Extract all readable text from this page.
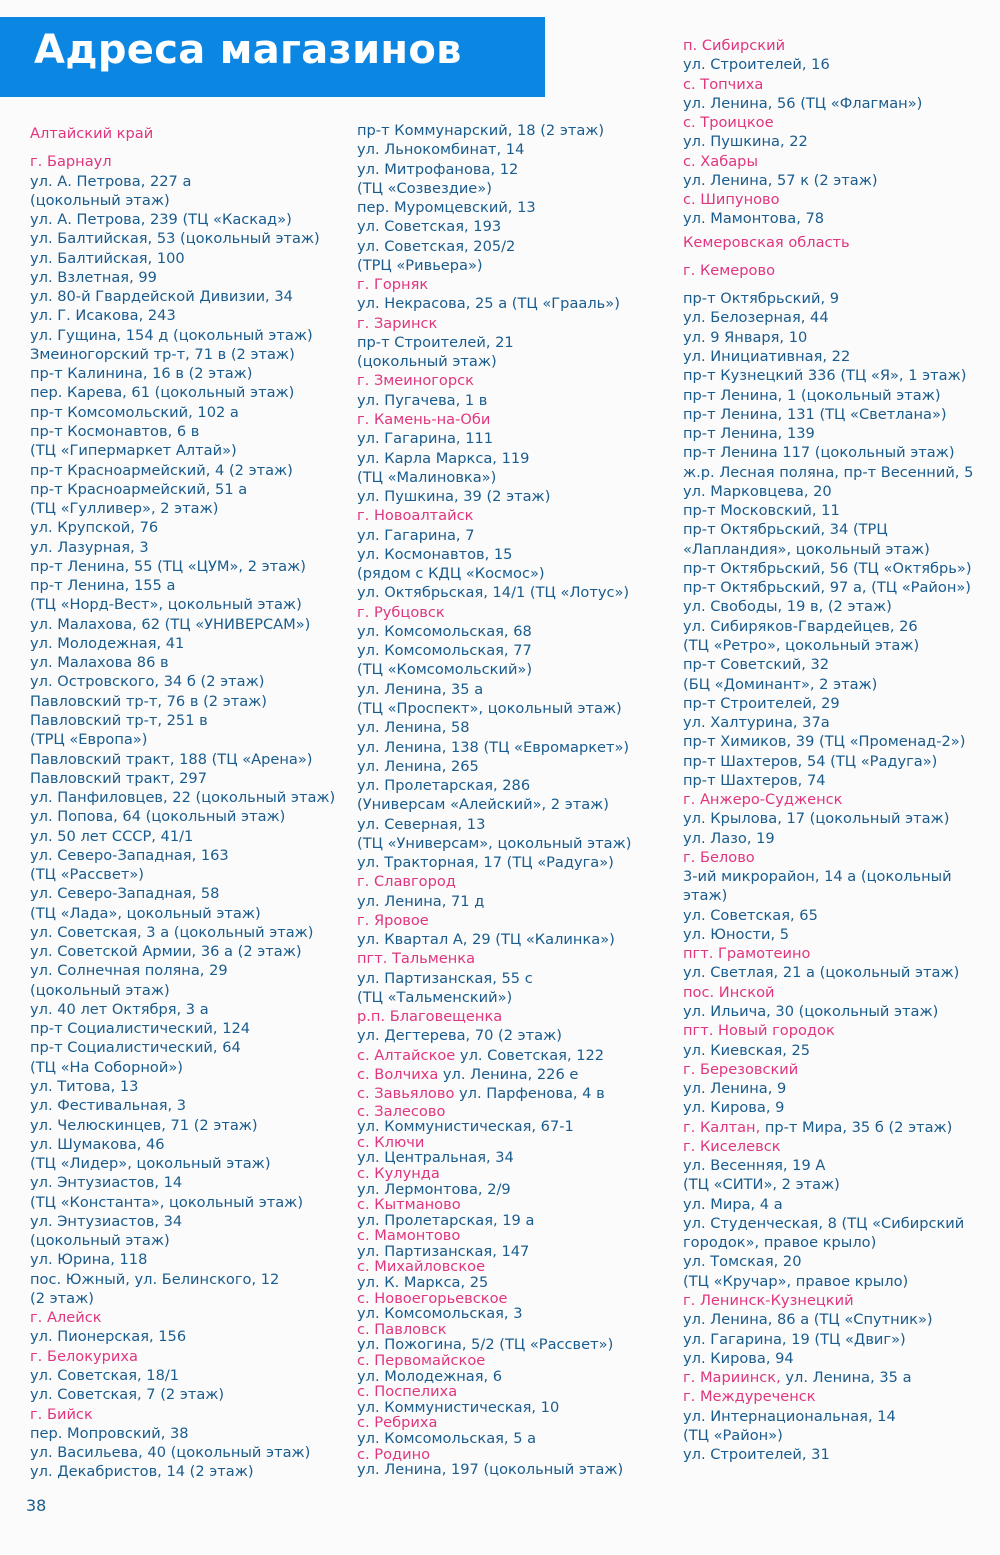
Адреса магазинов
Алтайский край
г. Барнаул
ул. А. Петрова, 227 а
(цокольный этаж)
ул. А. Петрова, 239 (ТЦ «Каскад»)
ул. Балтийская, 53 (цокольный этаж)
ул. Балтийская, 100
ул. Взлетная, 99
ул. 80-й Гвардейской Дивизии, 34
ул. Г. Исакова, 243
ул. Гущина, 154 д (цокольный этаж)
Змеиногорский тр-т, 71 в (2 этаж)
пр-т Калинина, 16 в (2 этаж)
пер. Карева, 61 (цокольный этаж)
пр-т Комсомольский, 102 а
пр-т Космонавтов, 6 в
(ТЦ «Гипермаркет Алтай»)
пр-т Красноармейский, 4 (2 этаж)
пр-т Красноармейский, 51 а
(ТЦ «Гулливер», 2 этаж)
ул. Крупской, 76
ул. Лазурная, 3
пр-т Ленина, 55 (ТЦ «ЦУМ», 2 этаж)
пр-т Ленина, 155 а
(ТЦ «Норд-Вест», цокольный этаж)
ул. Малахова, 62 (ТЦ «УНИВЕРСАМ»)
ул. Молодежная, 41
ул. Малахова 86 в
ул. Островского, 34 б (2 этаж)
Павловский тр-т, 76 в (2 этаж)
Павловский тр-т, 251 в
(ТРЦ «Европа»)
Павловский тракт, 188 (ТЦ «Арена»)
Павловский тракт, 297
ул. Панфиловцев, 22 (цокольный этаж)
ул. Попова, 64 (цокольный этаж)
ул. 50 лет СССР, 41/1
ул. Северо-Западная, 163
(ТЦ «Рассвет»)
ул. Северо-Западная, 58
(ТЦ «Лада», цокольный этаж)
ул. Советская, 3 а (цокольный этаж)
ул. Советской Армии, 36 а (2 этаж)
ул. Солнечная поляна, 29
(цокольный этаж)
ул. 40 лет Октября, 3 а
пр-т Социалистический, 124
пр-т Социалистический, 64
(ТЦ «На Соборной»)
ул. Титова, 13
ул. Фестивальная, 3
ул. Челюскинцев, 71 (2 этаж)
ул. Шумакова, 46
(ТЦ «Лидер», цокольный этаж)
ул. Энтузиастов, 14
(ТЦ «Константа», цокольный этаж)
ул. Энтузиастов, 34
(цокольный этаж)
ул. Юрина, 118
пос. Южный, ул. Белинского, 12
(2 этаж)
г. Алейск
ул. Пионерская, 156
г. Белокуриха
ул. Советская, 18/1
ул. Советская, 7 (2 этаж)
г. Бийск
пер. Мопровский, 38
ул. Васильева, 40 (цокольный этаж)
ул. Декабристов, 14 (2 этаж)
пр-т Коммунарский, 18 (2 этаж)
ул. Льнокомбинат, 14
ул. Митрофанова, 12
(ТЦ «Созвездие»)
пер. Муромцевский, 13
ул. Советская, 193
ул. Советская, 205/2
(ТРЦ «Ривьера»)
г. Горняк
ул. Некрасова, 25 а (ТЦ «Грааль»)
г. Заринск
пр-т Строителей, 21
(цокольный этаж)
г. Змеиногорск
ул. Пугачева, 1 в
г. Камень-на-Оби
ул. Гагарина, 111
ул. Карла Маркса, 119
(ТЦ «Малиновка»)
ул. Пушкина, 39 (2 этаж)
г. Новоалтайск
ул. Гагарина, 7
ул. Космонавтов, 15
(рядом с КДЦ «Космос»)
ул. Октябрьская, 14/1 (ТЦ «Лотус»)
г. Рубцовск
ул. Комсомольская, 68
ул. Комсомольская, 77
(ТЦ «Комсомольский»)
ул. Ленина, 35 а
(ТЦ «Проспект», цокольный этаж)
ул. Ленина, 58
ул. Ленина, 138 (ТЦ «Евромаркет»)
ул. Ленина, 265
ул. Пролетарская, 286
(Универсам «Алейский», 2 этаж)
ул. Северная, 13
(ТЦ «Универсам», цокольный этаж)
ул. Тракторная, 17 (ТЦ «Радуга»)
г. Славгород
ул. Ленина, 71 д
г. Яровое
ул. Квартал А, 29 (ТЦ «Калинка»)
пгт. Тальменка
ул. Партизанская, 55 с
(ТЦ «Тальменский»)
р.п. Благовещенка
ул. Дегтерева, 70 (2 этаж)
с. Алтайское ул. Советская, 122
с. Волчиха ул. Ленина, 226 е
с. Завьялово ул. Парфенова, 4 в
с. Залесово
ул. Коммунистическая, 67-1
с. Ключи
ул. Центральная, 34
с. Кулунда
ул. Лермонтова, 2/9
с. Кытманово
ул. Пролетарская, 19 а
с. Мамонтово
ул. Партизанская, 147
с. Михайловское
ул. К. Маркса, 25
с. Новоегорьевское
ул. Комсомольская, 3
с. Павловск
ул. Пожогина, 5/2 (ТЦ «Рассвет»)
с. Первомайское
ул. Молодежная, 6
с. Поспелиха
ул. Коммунистическая, 10
с. Ребриха
ул. Комсомольская, 5 а
с. Родино
ул. Ленина, 197 (цокольный этаж)
п. Сибирский
ул. Строителей, 16
с. Топчиха
ул. Ленина, 56 (ТЦ «Флагман»)
с. Троицкое
ул. Пушкина, 22
с. Хабары
ул. Ленина, 57 к (2 этаж)
с. Шипуново
ул. Мамонтова, 78
Кемеровская область
г. Кемерово
пр-т Октябрьский, 9
ул. Белозерная, 44
ул. 9 Января, 10
ул. Инициативная, 22
пр-т Кузнецкий 336 (ТЦ «Я», 1 этаж)
пр-т Ленина, 1 (цокольный этаж)
пр-т Ленина, 131 (ТЦ «Светлана»)
пр-т Ленина, 139
пр-т Ленина 117 (цокольный этаж)
ж.р. Лесная поляна, пр-т Весенний, 5
ул. Марковцева, 20
пр-т Московский, 11
пр-т Октябрьский, 34 (ТРЦ
«Лапландия», цокольный этаж)
пр-т Октябрьский, 56 (ТЦ «Октябрь»)
пр-т Октябрьский, 97 а, (ТЦ «Район»)
ул. Свободы, 19 в, (2 этаж)
ул. Сибиряков-Гвардейцев, 26
(ТЦ «Ретро», цокольный этаж)
пр-т Советский, 32
(БЦ «Доминант», 2 этаж)
пр-т Строителей, 29
ул. Халтурина, 37а
пр-т Химиков, 39 (ТЦ «Променад-2»)
пр-т Шахтеров, 54 (ТЦ «Радуга»)
пр-т Шахтеров, 74
г. Анжеро-Судженск
ул. Крылова, 17 (цокольный этаж)
ул. Лазо, 19
г. Белово
3-ий микрорайон, 14 а (цокольный
этаж)
ул. Советская, 65
ул. Юности, 5
пгт. Грамотеино
ул. Светлая, 21 а (цокольный этаж)
пос. Инской
ул. Ильича, 30 (цокольный этаж)
пгт. Новый городок
ул. Киевская, 25
г. Березовский
ул. Ленина, 9
ул. Кирова, 9
г. Калтан, пр-т Мира, 35 б (2 этаж)
г. Киселевск
ул. Весенняя, 19 А
(ТЦ «СИТИ», 2 этаж)
ул. Мира, 4 а
ул. Студенческая, 8 (ТЦ «Сибирский
городок», правое крыло)
ул. Томская, 20
(ТЦ «Кручар», правое крыло)
г. Ленинск-Кузнецкий
ул. Ленина, 86 а (ТЦ «Спутник»)
ул. Гагарина, 19 (ТЦ «Двиг»)
ул. Кирова, 94
г. Мариинск, ул. Ленина, 35 а
г. Междуреченск
ул. Интернациональная, 14
(ТЦ «Район»)
ул. Строителей, 31
38
